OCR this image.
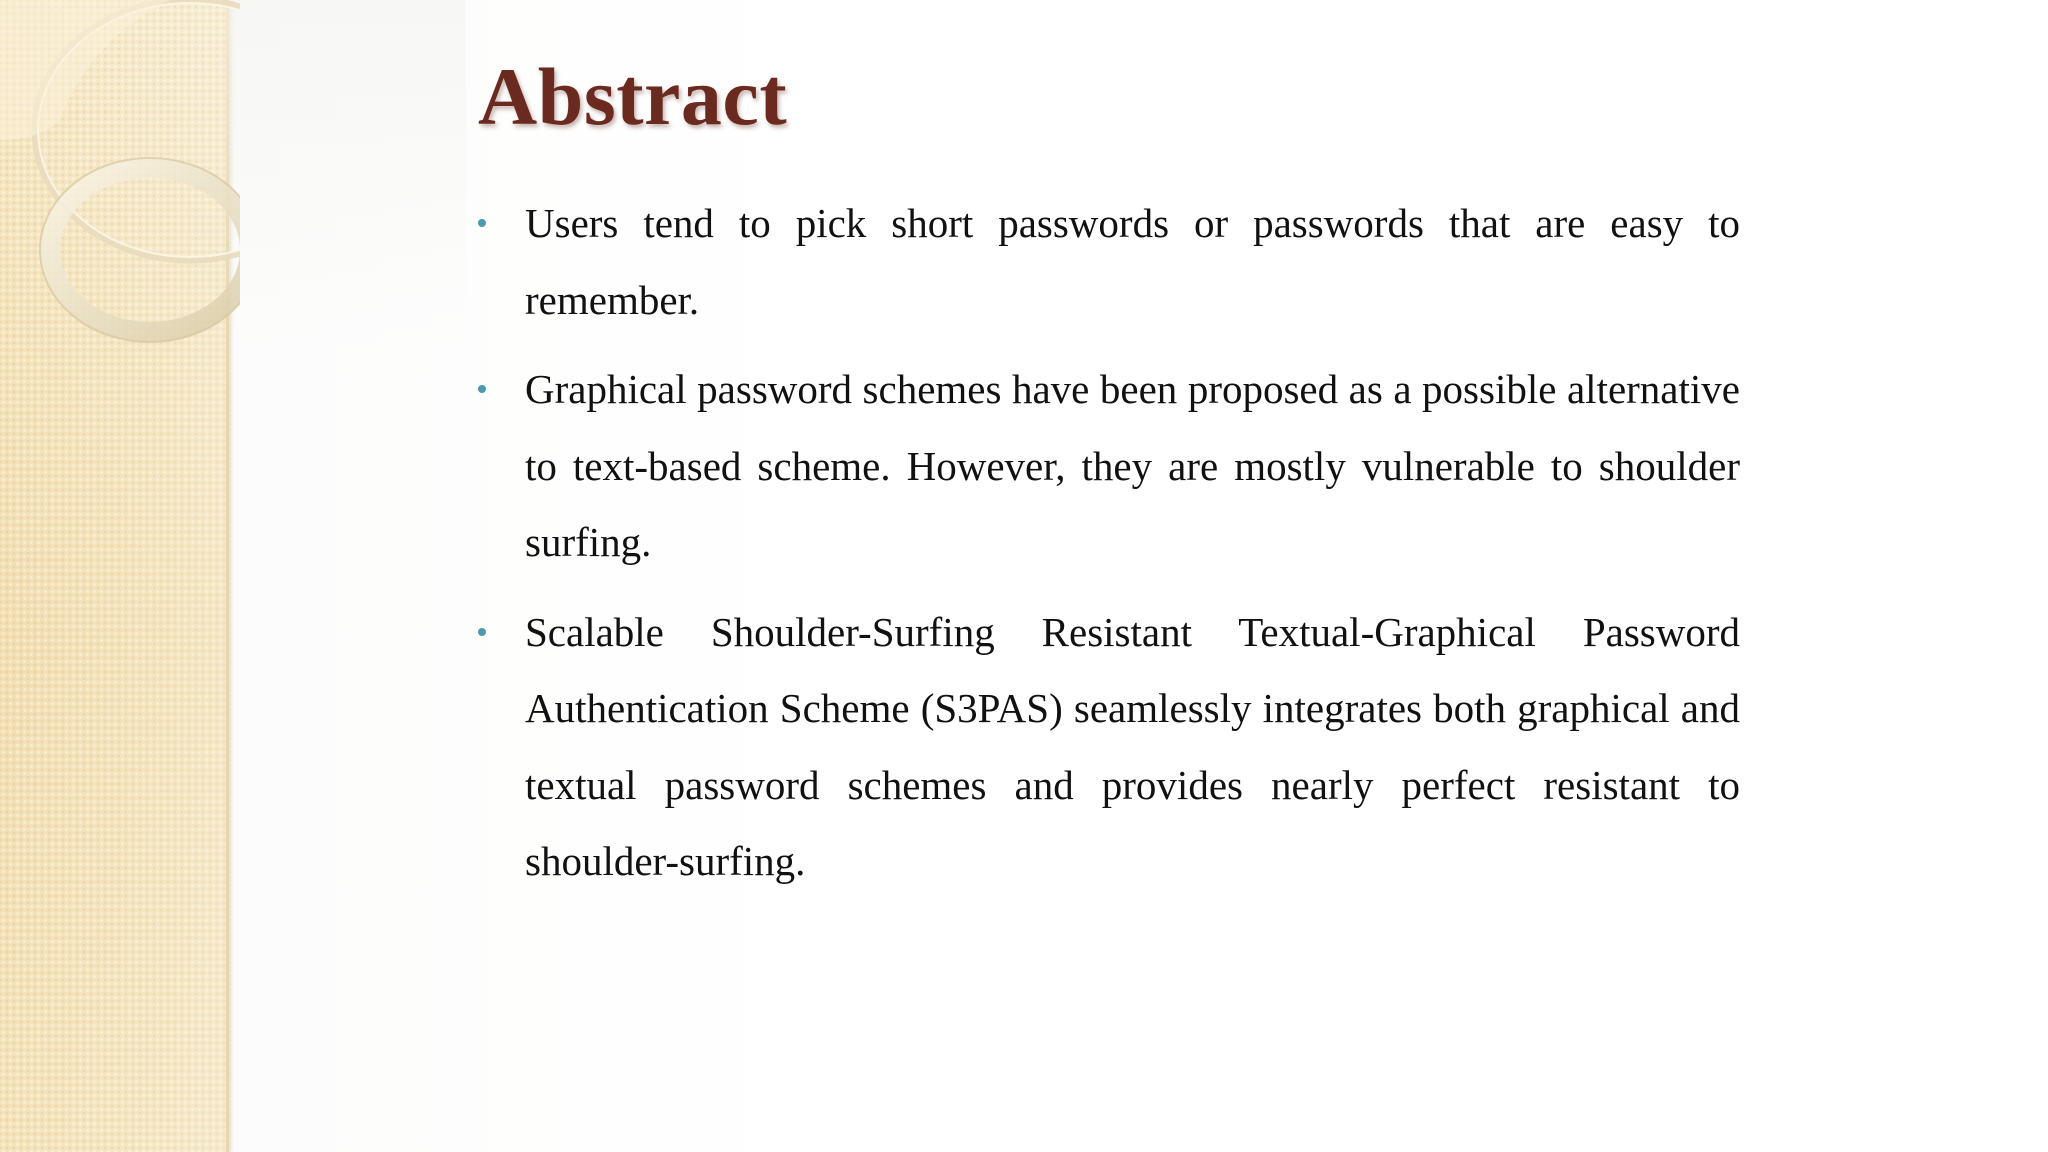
Abstract
Users tend to pick short passwords or passwords that are easy to remember.
Graphical password schemes have been proposed as a possible alternative to text-based scheme. However, they are mostly vulnerable to shoulder surfing.
Scalable Shoulder-Surfing Resistant Textual-Graphical Password Authentication Scheme (S3PAS) seamlessly integrates both graphical and textual password schemes and provides nearly perfect resistant to shoulder-surfing.
